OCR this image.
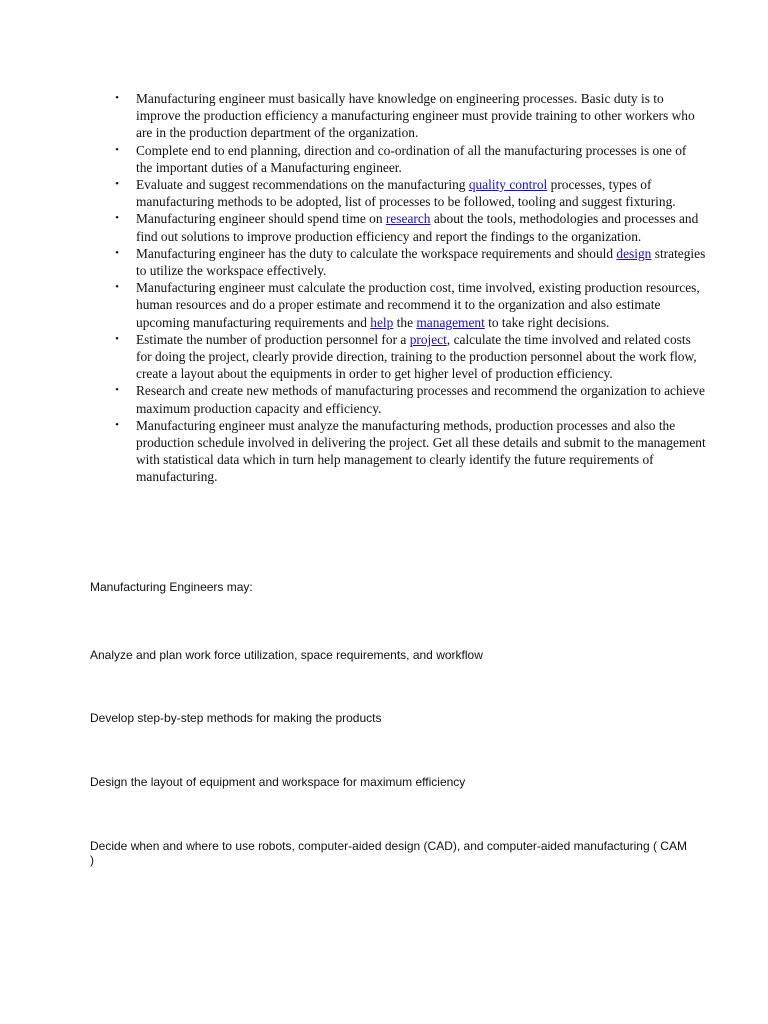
•	Manufacturing engineer must basically have knowledge on engineering processes. Basic duty is to improve the production efficiency a manufacturing engineer must provide training to other workers who are in the production department of the organization.
•	Complete end to end planning, direction and co-ordination of all the manufacturing processes is one of the important duties of a Manufacturing engineer.
•	Evaluate and suggest recommendations on the manufacturing quality control processes, types of manufacturing methods to be adopted, list of processes to be followed, tooling and suggest fixturing.
•	Manufacturing engineer should spend time on research about the tools, methodologies and processes and find out solutions to improve production efficiency and report the findings to the organization.
•	Manufacturing engineer has the duty to calculate the workspace requirements and should design strategies to utilize the workspace effectively.
•	Manufacturing engineer must calculate the production cost, time involved, existing production resources, human resources and do a proper estimate and recommend it to the organization and also estimate upcoming manufacturing requirements and help the management to take right decisions.
•	Estimate the number of production personnel for a project, calculate the time involved and related costs for doing the project, clearly provide direction, training to the production personnel about the work flow, create a layout about the equipments in order to get higher level of production efficiency.
•	Research and create new methods of manufacturing processes and recommend the organization to achieve maximum production capacity and efficiency.
•	Manufacturing engineer must analyze the manufacturing methods, production processes and also the production schedule involved in delivering the project. Get all these details and submit to the management with statistical data which in turn help management to clearly identify the future requirements of manufacturing.

Manufacturing Engineers may:

Analyze and plan work force utilization, space requirements, and workflow

Develop step-by-step methods for making the products

Design the layout of equipment and workspace for maximum efficiency

Decide when and where to use robots, computer-aided design (CAD), and computer-aided manufacturing ( CAM )
